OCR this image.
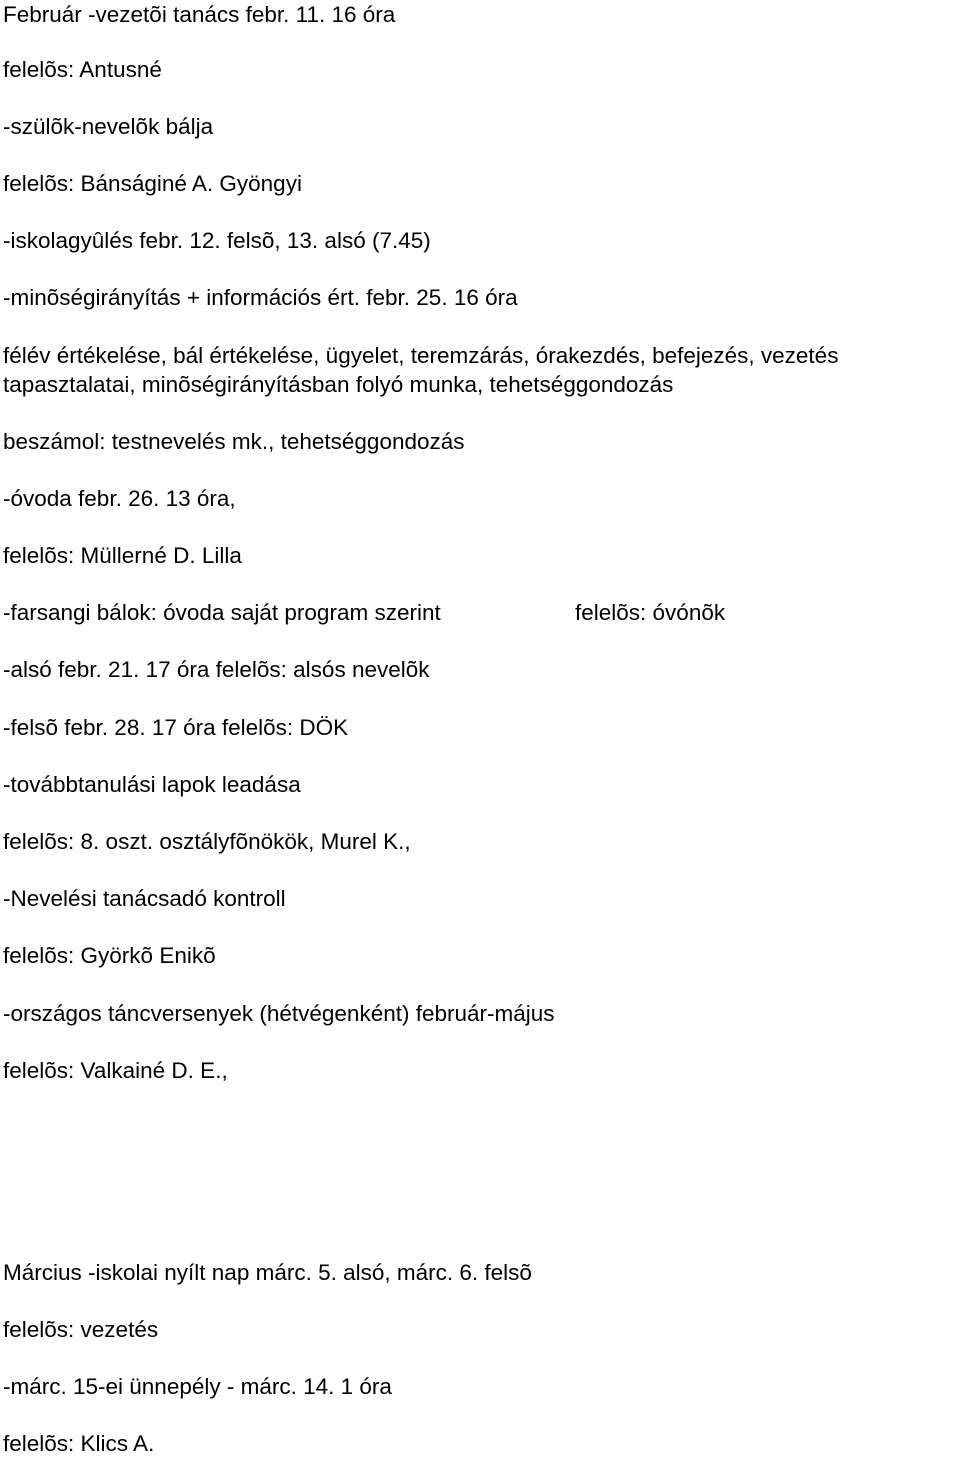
Február -vezetõi tanács febr. 11. 16 óra
felelõs: Antusné
-szülõk-nevelõk bálja
felelõs: Bánságiné A. Gyöngyi
-iskolagyûlés febr. 12. felsõ, 13. alsó (7.45)
-minõségirányítás + információs ért. febr. 25. 16 óra
félév értékelése, bál értékelése, ügyelet, teremzárás, órakezdés, befejezés, vezetés
tapasztalatai, minõségirányításban folyó munka, tehetséggondozás
beszámol: testnevelés mk., tehetséggondozás
-óvoda febr. 26. 13 óra,
felelõs: Müllerné D. Lilla
-farsangi bálok: óvoda saját program szerint	felelõs: óvónõk
-alsó febr. 21. 17 óra felelõs: alsós nevelõk
-felsõ febr. 28. 17 óra felelõs: DÖK
-továbbtanulási lapok leadása
felelõs: 8. oszt. osztályfõnökök, Murel K.,
-Nevelési tanácsadó kontroll
felelõs: Györkõ Enikõ
-országos táncversenyek (hétvégenként) február-május
felelõs: Valkainé D. E.,
Március -iskolai nyílt nap márc. 5. alsó, márc. 6. felsõ
felelõs: vezetés
-márc. 15-ei ünnepély - márc. 14. 1 óra
felelõs: Klics A.
